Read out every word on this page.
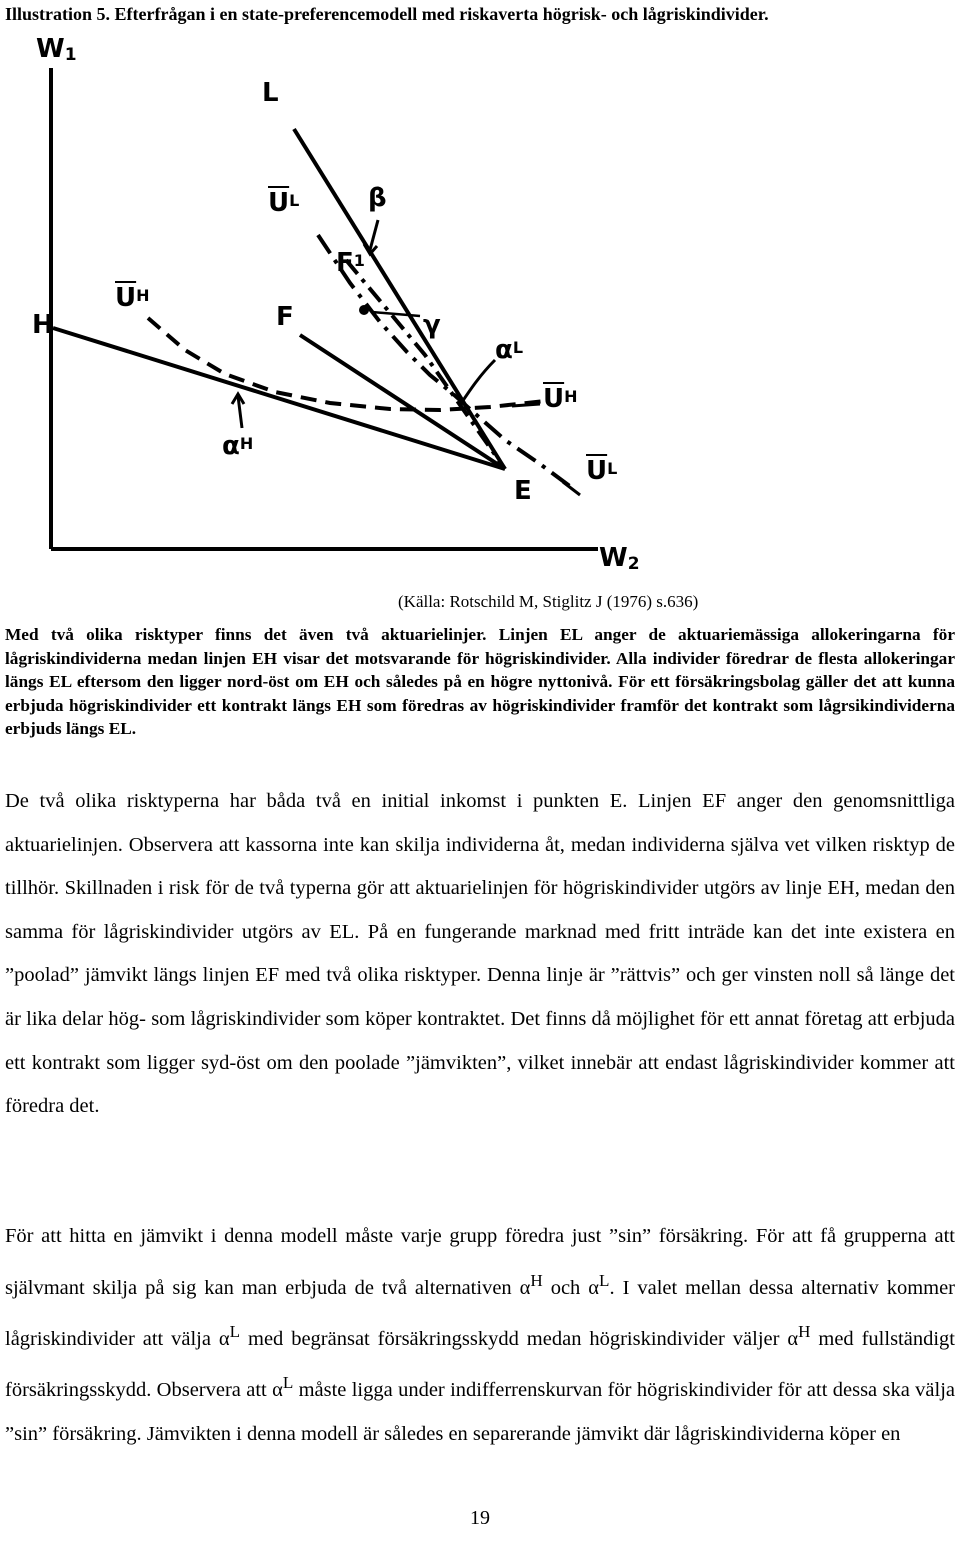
Illustration 5. Efterfrågan i en state-preferencemodell med riskaverta högrisk- och lågriskindivider.
$W_1$
$W_2$
L
$\overline{U}^L$	β
$F^1$
H
$\overline{U}^H$
F	γ
$\alpha^L$
$\overline{U}^H$
$\alpha^H$
$\overline{U}^L$
E
(Källa: Rotschild M, Stiglitz J (1976) s.636)
Med två olika risktyper finns det även två aktuarielinjer. Linjen EL anger de aktuariemässiga allokeringarna för lågriskindividerna medan linjen EH visar det motsvarande för högriskindivider. Alla individer föredrar de flesta allokeringar längs EL eftersom den ligger nord-öst om EH och således på en högre nyttonivå. För ett försäkringsbolag gäller det att kunna erbjuda högriskindivider ett kontrakt längs EH som föredras av högriskindivider framför det kontrakt som lågrsikindividerna erbjuds längs EL.
De två olika risktyperna har båda två en initial inkomst i punkten E. Linjen EF anger den genomsnittliga aktuarielinjen. Observera att kassorna inte kan skilja individerna åt, medan individerna själva vet vilken risktyp de tillhör. Skillnaden i risk för de två typerna gör att aktuarielinjen för högriskindivider utgörs av linje EH, medan den samma för lågriskindivider utgörs av EL. På en fungerande marknad med fritt inträde kan det inte existera en ”poolad” jämvikt längs linjen EF med två olika risktyper. Denna linje är ”rättvis” och ger vinsten noll så länge det är lika delar hög- som lågriskindivider som köper kontraktet. Det finns då möjlighet för ett annat företag att erbjuda ett kontrakt som ligger syd-öst om den poolade ”jämvikten”, vilket innebär att endast lågriskindivider kommer att föredra det.
För att hitta en jämvikt i denna modell måste varje grupp föredra just ”sin” försäkring. För att få grupperna att självmant skilja på sig kan man erbjuda de två alternativen $\alpha^H$ och $\alpha^L$. I valet mellan dessa alternativ kommer lågriskindivider att välja $\alpha^L$ med begränsat försäkringsskydd medan högriskindivider väljer $\alpha^H$ med fullständigt försäkringsskydd. Observera att $\alpha^L$ måste ligga under indifferrenskurvan för högriskindivider för att dessa ska välja ”sin” försäkring. Jämvikten i denna modell är således en separerande jämvikt där lågriskindividerna köper en
19
